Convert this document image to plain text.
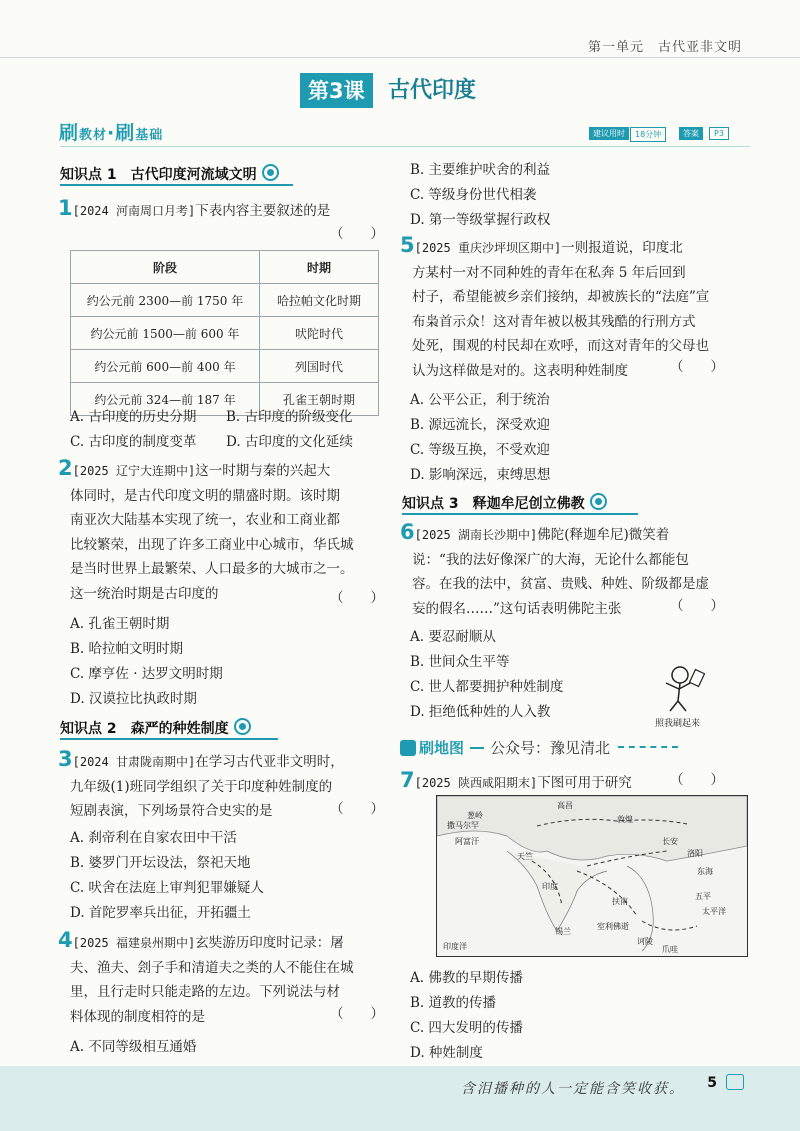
第一单元　古代亚非文明
第3课	古代印度
刷教材·刷基础	建议用时	18分钟	答案	P3
知识点 1　古代印度河流域文明
1[2024 河南周口月考]下表内容主要叙述的是
（　　）
阶段	时期
约公元前 2300—前 1750 年	哈拉帕文化时期
约公元前 1500—前 600 年	吠陀时代
约公元前 600—前 400 年	列国时代
约公元前 324—前 187 年	孔雀王朝时期
A. 古印度的历史分期 B. 古印度的阶级变化
C. 古印度的制度变革 D. 古印度的文化延续
2[2025 辽宁大连期中]这一时期与秦的兴起大
体同时，是古代印度文明的鼎盛时期。该时期
南亚次大陆基本实现了统一，农业和工商业都
比较繁荣，出现了许多工商业中心城市，华氏城
是当时世界上最繁荣、人口最多的大城市之一。
这一统治时期是古印度的	（　　）
A. 孔雀王朝时期
B. 哈拉帕文明时期
C. 摩亨佐 · 达罗文明时期
D. 汉谟拉比执政时期
知识点 2　森严的种姓制度
3[2024 甘肃陇南期中]在学习古代亚非文明时，
九年级(1)班同学组织了关于印度种姓制度的
短剧表演，下列场景符合史实的是	（　　）
A. 刹帝利在自家农田中干活
B. 婆罗门开坛设法，祭祀天地
C. 吠舍在法庭上审判犯罪嫌疑人
D. 首陀罗率兵出征，开拓疆土
4[2025 福建泉州期中]玄奘游历印度时记录：屠
夫、渔夫、刽子手和清道夫之类的人不能住在城
里，且行走时只能走路的左边。下列说法与材
料体现的制度相符的是	（　　）
A. 不同等级相互通婚
B. 主要维护吠舍的利益
C. 等级身份世代相袭
D. 第一等级掌握行政权
5[2025 重庆沙坪坝区期中]一则报道说，印度北
方某村一对不同种姓的青年在私奔 5 年后回到
村子，希望能被乡亲们接纳，却被族长的“法庭”宣
布枭首示众！这对青年被以极其残酷的行刑方式
处死，围观的村民却在欢呼，而这对青年的父母也
认为这样做是对的。这表明种姓制度	（　　）
A. 公平公正，利于统治
B. 源远流长，深受欢迎
C. 等级互换，不受欢迎
D. 影响深远，束缚思想
知识点 3　释迦牟尼创立佛教
6[2025 湖南长沙期中]佛陀(释迦牟尼)微笑着
说：“我的法好像深广的大海，无论什么都能包
容。在我的法中，贫富、贵贱、种姓、阶级都是虚
妄的假名……”这句话表明佛陀主张	（　　）
A. 要忍耐顺从
B. 世间众生平等
C. 世人都要拥护种姓制度
D. 拒绝低种姓的人入教
照我刷起来
刷地图 公众号：豫见清北
7[2025 陕西咸阳期末]下图可用于研究	（　　）
高昌
葱岭
撒马尔罕
阿富汗
敦煌
长安
洛阳
天竺
印度
锡兰
五平
印度洋
太平洋
东海
扶南
室利佛逝
诃陵
爪哇
A. 佛教的早期传播
B. 道教的传播
C. 四大发明的传播
D. 种姓制度
含泪播种的人一定能含笑收获。 5
